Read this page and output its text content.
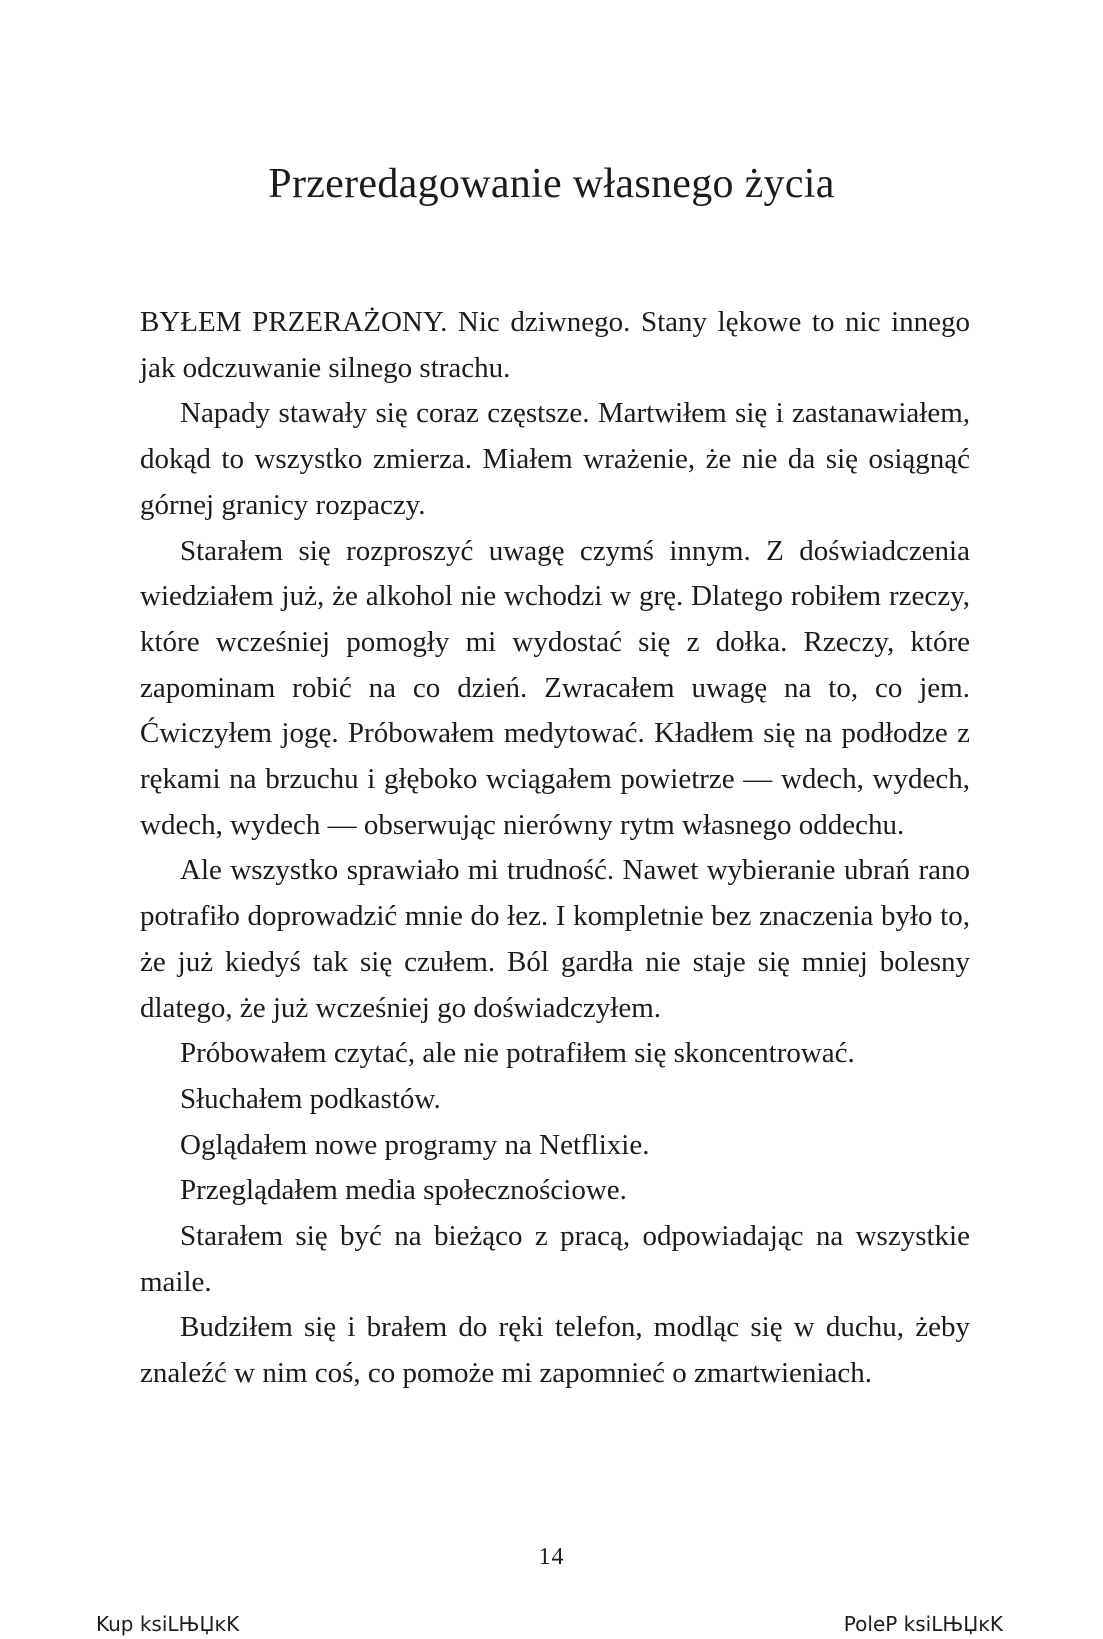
Przeredagowanie własnego życia

BYŁEM PRZERAŻONY. Nic dziwnego. Stany lękowe to nic innego jak odczuwanie silnego strachu.

Napady stawały się coraz częstsze. Martwiłem się i zastanawiałem, dokąd to wszystko zmierza. Miałem wrażenie, że nie da się osiągnąć górnej granicy rozpaczy.

Starałem się rozproszyć uwagę czymś innym. Z doświadczenia wiedziałem już, że alkohol nie wchodzi w grę. Dlatego robiłem rzeczy, które wcześniej pomogły mi wydostać się z dołka. Rzeczy, które zapominam robić na co dzień. Zwracałem uwagę na to, co jem. Ćwiczyłem jogę. Próbowałem medytować. Kładłem się na podłodze z rękami na brzuchu i głęboko wciągałem powietrze — wdech, wydech, wdech, wydech — obserwując nierówny rytm własnego oddechu.

Ale wszystko sprawiało mi trudność. Nawet wybieranie ubrań rano potrafiło doprowadzić mnie do łez. I kompletnie bez znaczenia było to, że już kiedyś tak się czułem. Ból gardła nie staje się mniej bolesny dlatego, że już wcześniej go doświadczyłem.

Próbowałem czytać, ale nie potrafiłem się skoncentrować.

Słuchałem podkastów.

Oglądałem nowe programy na Netflixie.

Przeglądałem media społecznościowe.

Starałem się być na bieżąco z pracą, odpowiadając na wszystkie maile.

Budziłem się i brałem do ręki telefon, modląc się w duchu, żeby znaleźć w nim coś, co pomoże mi zapomnieć o zmartwieniach.

14
Kup ksiLЊЏĸK	PoleP ksiLЊЏĸK
